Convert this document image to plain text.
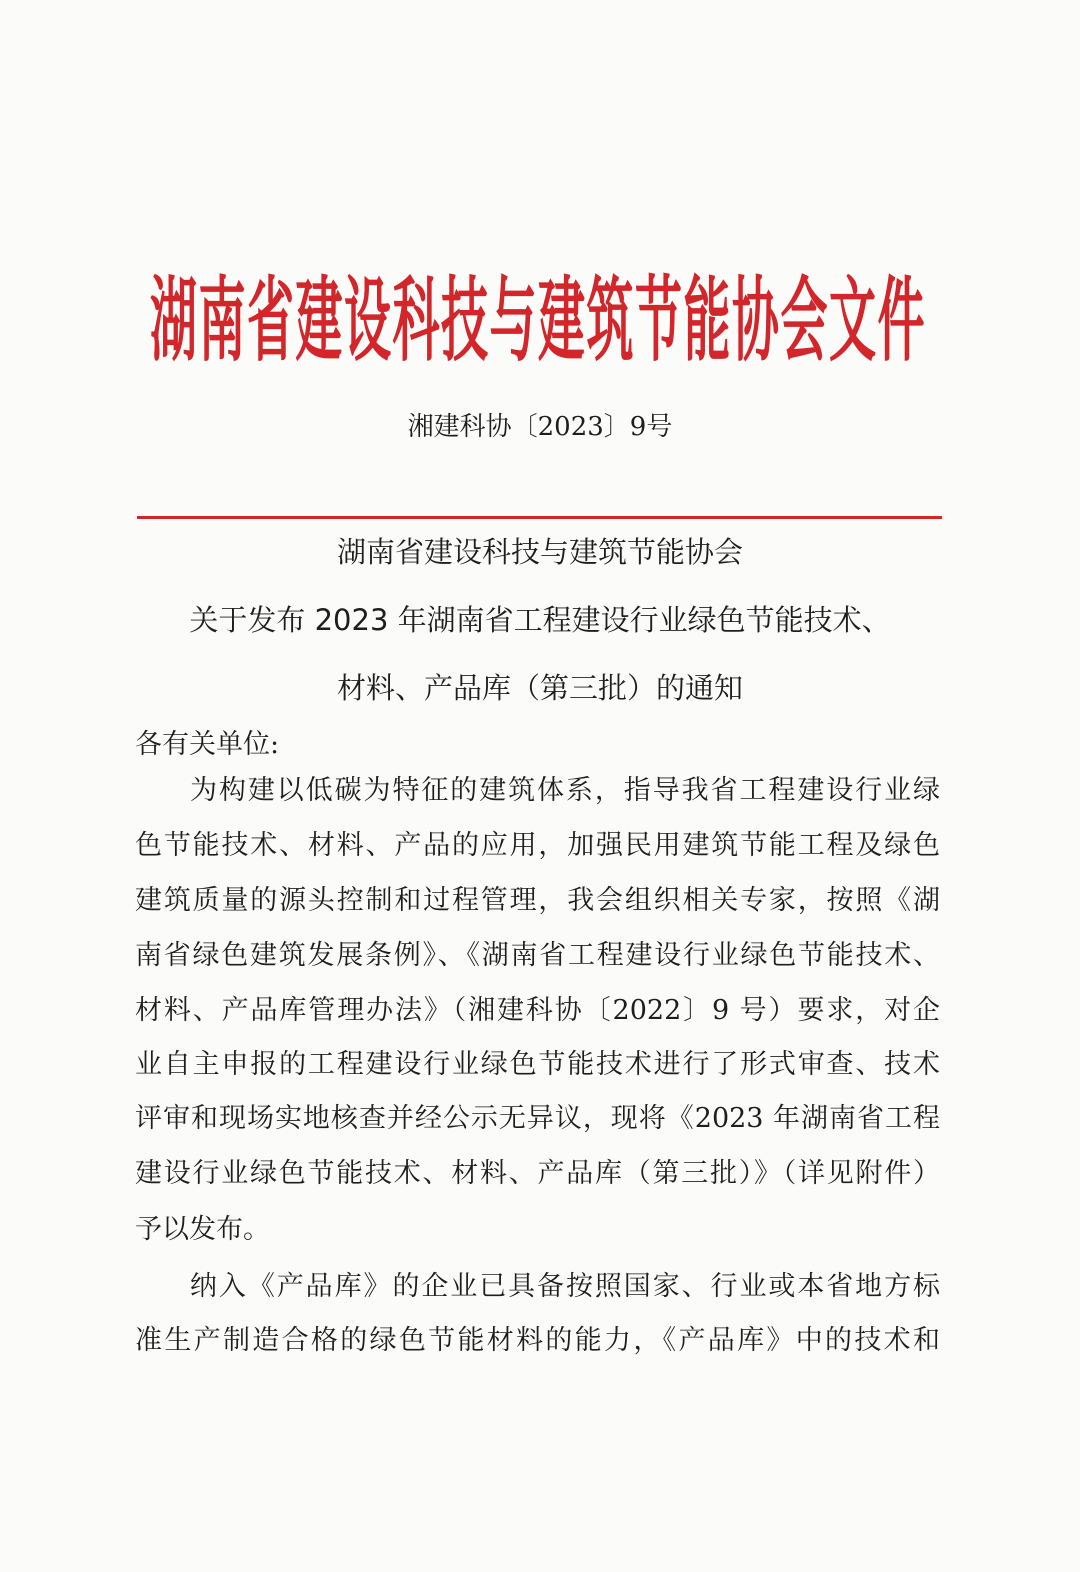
湖南省建设科技与建筑节能协会文件
湘建科协〔2023〕9号
湖南省建设科技与建筑节能协会
关于发布 2023 年湖南省工程建设行业绿色节能技术、
材料、产品库（第三批）的通知
各有关单位:
为构建以低碳为特征的建筑体系，指导我省工程建设行业绿
色节能技术、材料、产品的应用，加强民用建筑节能工程及绿色
建筑质量的源头控制和过程管理，我会组织相关专家，按照《湖
南省绿色建筑发展条例》、《湖南省工程建设行业绿色节能技术、
材料、产品库管理办法》（湘建科协〔2022〕9 号）要求，对企
业自主申报的工程建设行业绿色节能技术进行了形式审查、技术
评审和现场实地核查并经公示无异议，现将《2023 年湖南省工程
建设行业绿色节能技术、材料、产品库（第三批）》（详见附件）
予以发布。
纳入《产品库》的企业已具备按照国家、行业或本省地方标
准生产制造合格的绿色节能材料的能力，《产品库》中的技术和
